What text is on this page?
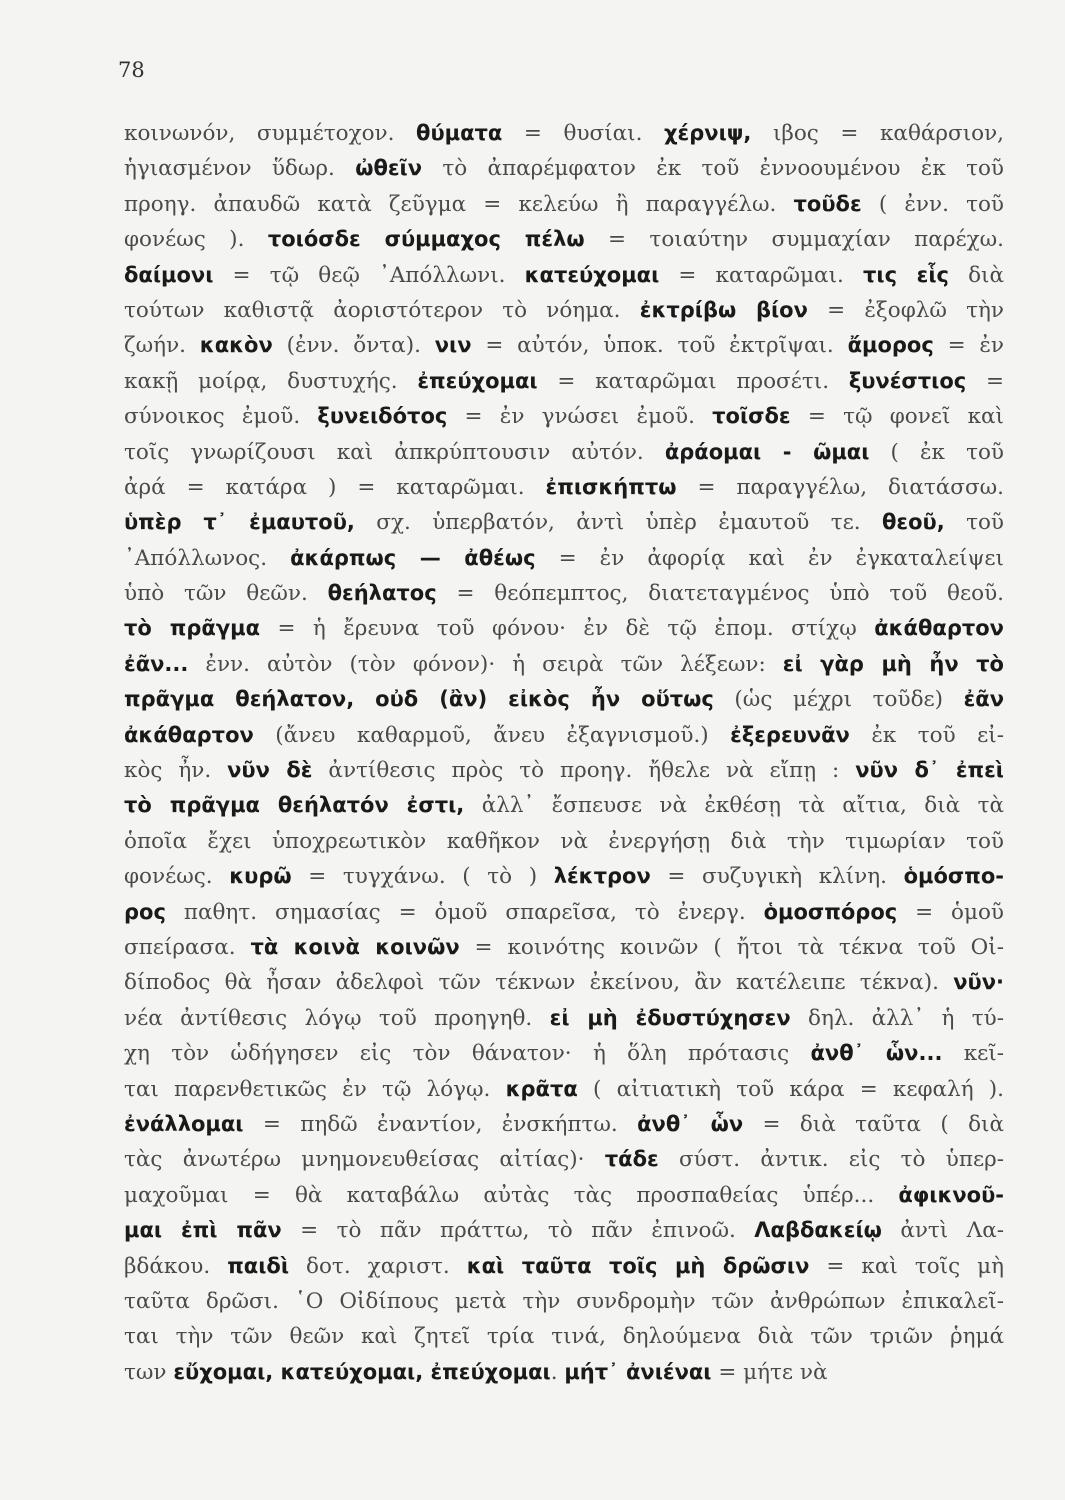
78
κοινωνόν, συμμέτοχον. θύματα = θυσίαι. χέρνιψ, ιβος = καθάρσιον,
ἡγιασμένον ὕδωρ. ὠθεῖν τὸ ἀπαρέμφατον ἐκ τοῦ ἐννοουμένου ἐκ τοῦ
προηγ. ἀπαυδῶ κατὰ ζεῦγμα = κελεύω ἢ παραγγέλω. τοῦδε ( ἐνν. τοῦ
φονέως ). τοιόσδε σύμμαχος πέλω = τοιαύτην συμμαχίαν παρέχω.
δαίμονι = τῷ θεῷ ᾿Απόλλωνι. κατεύχομαι = καταρῶμαι. τις εἷς διὰ
τούτων καθιστᾷ ἀοριστότερον τὸ νόημα. ἐκτρίβω βίον = ἐξοφλῶ τὴν
ζωήν. κακὸν (ἐνν. ὄντα). νιν = αὐτόν, ὑποκ. τοῦ ἐκτρῖψαι. ἄμορος = ἐν
κακῇ μοίρᾳ, δυστυχής. ἐπεύχομαι = καταρῶμαι προσέτι. ξυνέστιος =
σύνοικος ἐμοῦ. ξυνειδότος = ἐν γνώσει ἐμοῦ. τοῖσδε = τῷ φονεῖ καὶ
τοῖς γνωρίζουσι καὶ ἀπκρύπτουσιν αὐτόν. ἀράομαι - ῶμαι ( ἐκ τοῦ
ἀρά = κατάρα ) = καταρῶμαι. ἐπισκήπτω = παραγγέλω, διατάσσω.
ὑπὲρ τ᾿ ἐμαυτοῦ, σχ. ὑπερβατόν, ἀντὶ ὑπὲρ ἐμαυτοῦ τε. θεοῦ, τοῦ
᾿Απόλλωνος. ἀκάρπως — ἀθέως = ἐν ἀφορίᾳ καὶ ἐν ἐγκαταλείψει
ὑπὸ τῶν θεῶν. θεήλατος = θεόπεμπτος, διατεταγμένος ὑπὸ τοῦ θεοῦ.
τὸ πρᾶγμα = ἡ ἔρευνα τοῦ φόνου· ἐν δὲ τῷ ἐπομ. στίχῳ ἀκάθαρτον
ἐᾶν... ἐνν. αὐτὸν (τὸν φόνον)· ἡ σειρὰ τῶν λέξεων: εἰ γὰρ μὴ ἦν τὸ
πρᾶγμα θεήλατον, οὐδ (ἂν) εἰκὸς ἦν οὕτως (ὡς μέχρι τοῦδε) ἐᾶν
ἀκάθαρτον (ἄνευ καθαρμοῦ, ἄνευ ἐξαγνισμοῦ.) ἐξερευνᾶν ἐκ τοῦ εἰ-
κὸς ἦν. νῦν δὲ ἀντίθεσις πρὸς τὸ προηγ. ἤθελε νὰ εἴπῃ : νῦν δ᾿ ἐπεὶ
τὸ πρᾶγμα θεήλατόν ἐστι, ἀλλ᾿ ἔσπευσε νὰ ἐκθέσῃ τὰ αἴτια, διὰ τὰ
ὁποῖα ἔχει ὑποχρεωτικὸν καθῆκον νὰ ἐνεργήσῃ διὰ τὴν τιμωρίαν τοῦ
φονέως. κυρῶ = τυγχάνω. ( τὸ ) λέκτρον = συζυγικὴ κλίνη. ὁμόσπο-
ρος παθητ. σημασίας = ὁμοῦ σπαρεῖσα, τὸ ἐνεργ. ὁμοσπόρος = ὁμοῦ
σπείρασα. τὰ κοινὰ κοινῶν = κοινότης κοινῶν ( ἤτοι τὰ τέκνα τοῦ Οἰ-
δίποδος θὰ ἦσαν ἀδελφοὶ τῶν τέκνων ἐκείνου, ἂν κατέλειπε τέκνα). νῦν·
νέα ἀντίθεσις λόγῳ τοῦ προηγηθ. εἰ μὴ ἐδυστύχησεν δηλ. ἀλλ᾿ ἡ τύ-
χη τὸν ὡδήγησεν εἰς τὸν θάνατον· ἡ ὅλη πρότασις ἀνθ᾿ ὧν... κεῖ-
ται παρενθετικῶς ἐν τῷ λόγῳ. κρᾶτα ( αἰτιατικὴ τοῦ κάρα = κεφαλή ).
ἐνάλλομαι = πηδῶ ἐναντίον, ἐνσκήπτω. ἀνθ᾿ ὧν = διὰ ταῦτα ( διὰ
τὰς ἀνωτέρω μνημονευθείσας αἰτίας)· τάδε σύστ. ἀντικ. εἰς τὸ ὑπερ-
μαχοῦμαι = θὰ καταβάλω αὐτὰς τὰς προσπαθείας ὑπέρ... ἀφικνοῦ-
μαι ἐπὶ πᾶν = τὸ πᾶν πράττω, τὸ πᾶν ἐπινοῶ. Λαβδακείῳ ἀντὶ Λα-
βδάκου. παιδὶ δοτ. χαριστ. καὶ ταῦτα τοῖς μὴ δρῶσιν = καὶ τοῖς μὴ
ταῦτα δρῶσι. ῾Ο Οἰδίπους μετὰ τὴν συνδρομὴν τῶν ἀνθρώπων ἐπικαλεῖ-
ται τὴν τῶν θεῶν καὶ ζητεῖ τρία τινά, δηλούμενα διὰ τῶν τριῶν ῥημά
των εὔχομαι, κατεύχομαι, ἐπεύχομαι. μήτ᾿ ἀνιέναι = μήτε νὰ
